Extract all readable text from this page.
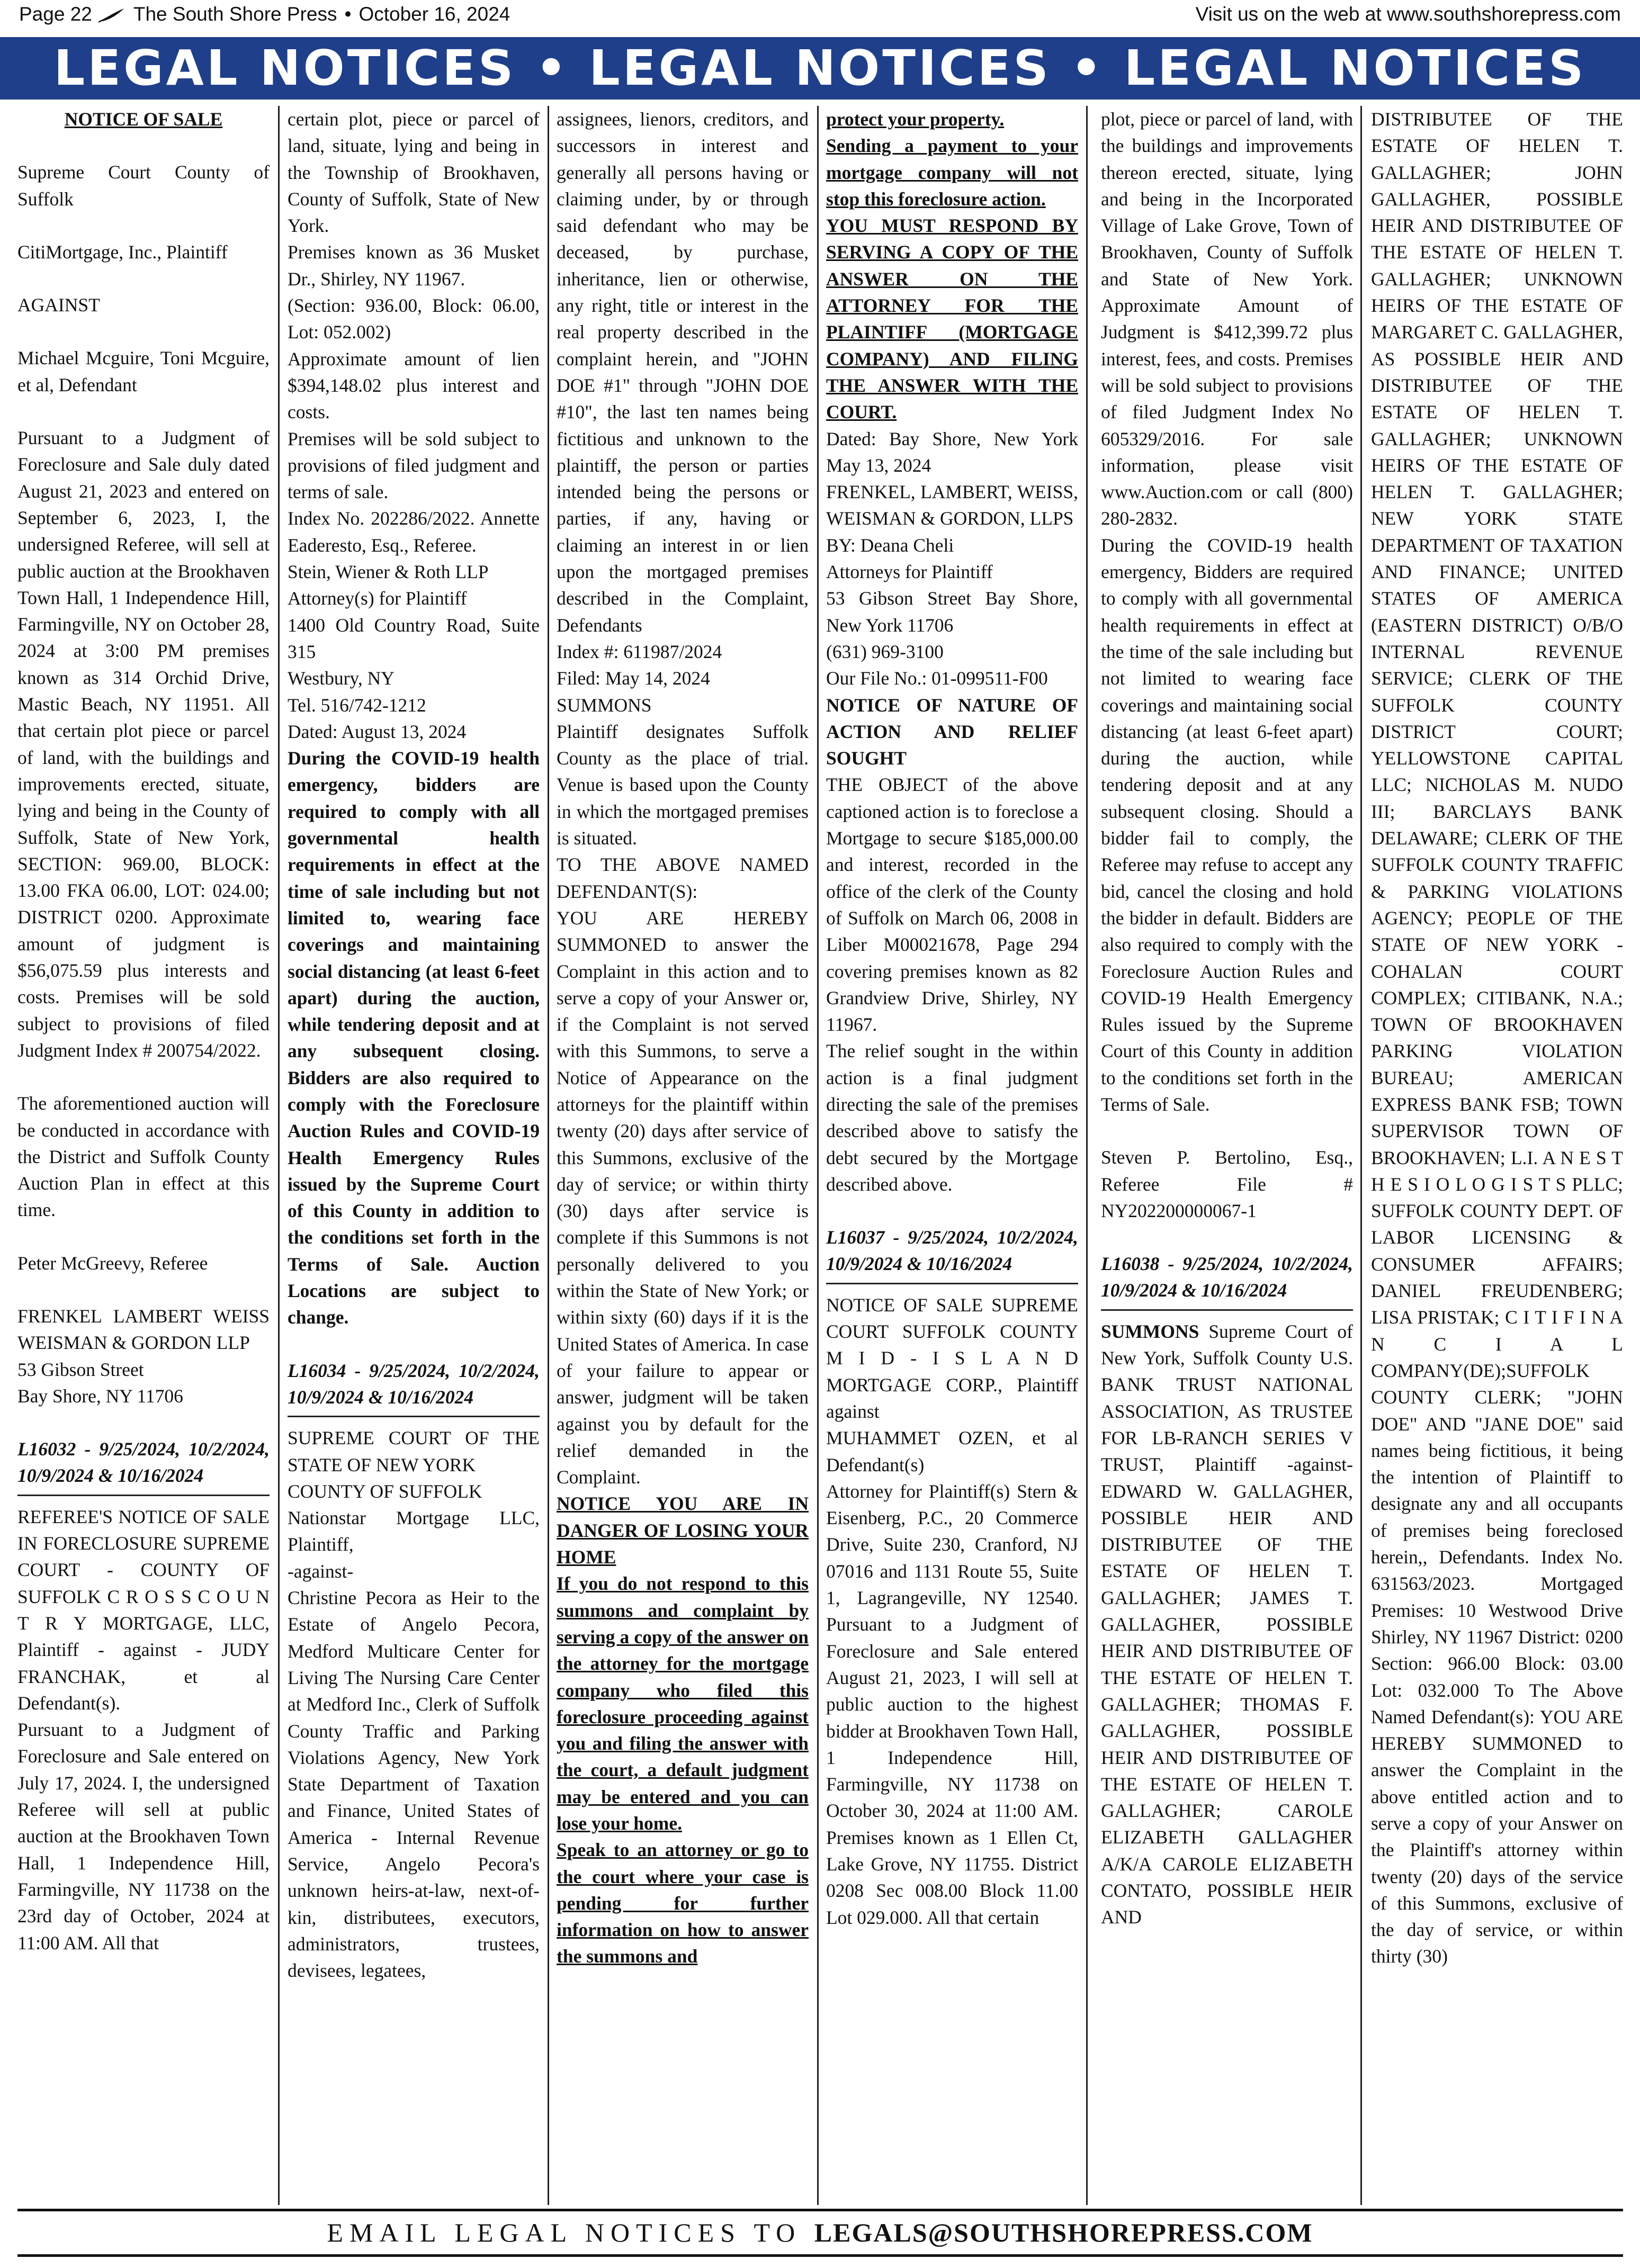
Page 22 The South Shore Press • October 16, 2024	Visit us on the web at www.southshorepress.com
LEGAL NOTICES • LEGAL NOTICES • LEGAL NOTICES

NOTICE OF SALE

Supreme Court County of Suffolk

CitiMortgage, Inc., Plaintiff

AGAINST

Michael Mcguire, Toni Mcguire, et al, Defendant

Pursuant to a Judgment of Foreclosure and Sale duly dated August 21, 2023 and entered on September 6, 2023, I, the undersigned Referee, will sell at public auction at the Brookhaven Town Hall, 1 Independence Hill, Farmingville, NY on October 28, 2024 at 3:00 PM premises known as 314 Orchid Drive, Mastic Beach, NY 11951. All that certain plot piece or parcel of land, with the buildings and improvements erected, situate, lying and being in the County of Suffolk, State of New York, SECTION: 969.00, BLOCK: 13.00 FKA 06.00, LOT: 024.00; DISTRICT 0200. Approximate amount of judgment is $56,075.59 plus interests and costs. Premises will be sold subject to provisions of filed Judgment Index # 200754/2022.

The aforementioned auction will be conducted in accordance with the District and Suffolk County Auction Plan in effect at this time.

Peter McGreevy, Referee

FRENKEL LAMBERT WEISS WEISMAN & GORDON LLP

53 Gibson Street

Bay Shore, NY 11706

L16032 - 9/25/2024, 10/2/2024, 10/9/2024 & 10/16/2024

REFEREE'S NOTICE OF SALE IN FORECLOSURE SUPREME COURT - COUNTY OF SUFFOLK C R O S S C O U N T R Y MORTGAGE, LLC, Plaintiff - against - JUDY FRANCHAK, et al Defendant(s).

Pursuant to a Judgment of Foreclosure and Sale entered on July 17, 2024. I, the undersigned Referee will sell at public auction at the Brookhaven Town Hall, 1 Independence Hill, Farmingville, NY 11738 on the 23rd day of October, 2024 at 11:00 AM. All that

certain plot, piece or parcel of land, situate, lying and being in the Township of Brookhaven, County of Suffolk, State of New York.

Premises known as 36 Musket Dr., Shirley, NY 11967.

(Section: 936.00, Block: 06.00, Lot: 052.002)

Approximate amount of lien $394,148.02 plus interest and costs.

Premises will be sold subject to provisions of filed judgment and terms of sale.

Index No. 202286/2022. Annette Eaderesto, Esq., Referee.

Stein, Wiener & Roth LLP

Attorney(s) for Plaintiff

1400 Old Country Road, Suite 315

Westbury, NY

Tel. 516/742-1212

Dated: August 13, 2024

During the COVID-19 health emergency, bidders are required to comply with all governmental health requirements in effect at the time of sale including but not limited to, wearing face coverings and maintaining social distancing (at least 6-feet apart) during the auction, while tendering deposit and at any subsequent closing. Bidders are also required to comply with the Foreclosure Auction Rules and COVID-19 Health Emergency Rules issued by the Supreme Court of this County in addition to the conditions set forth in the Terms of Sale. Auction Locations are subject to change.

L16034 - 9/25/2024, 10/2/2024, 10/9/2024 & 10/16/2024

SUPREME COURT OF THE STATE OF NEW YORK

COUNTY OF SUFFOLK

Nationstar Mortgage LLC, Plaintiff,

-against-

Christine Pecora as Heir to the Estate of Angelo Pecora, Medford Multicare Center for Living The Nursing Care Center at Medford Inc., Clerk of Suffolk County Traffic and Parking Violations Agency, New York State Department of Taxation and Finance, United States of America - Internal Revenue Service, Angelo Pecora's unknown heirs-at-law, next-of-kin, distributees, executors, administrators, trustees, devisees, legatees,

assignees, lienors, creditors, and successors in interest and generally all persons having or claiming under, by or through said defendant who may be deceased, by purchase, inheritance, lien or otherwise, any right, title or interest in the real property described in the complaint herein, and "JOHN DOE #1" through "JOHN DOE #10", the last ten names being fictitious and unknown to the plaintiff, the person or parties intended being the persons or parties, if any, having or claiming an interest in or lien upon the mortgaged premises described in the Complaint, Defendants

Index #: 611987/2024

Filed: May 14, 2024

SUMMONS

Plaintiff designates Suffolk County as the place of trial. Venue is based upon the County in which the mortgaged premises is situated.

TO THE ABOVE NAMED DEFENDANT(S):

YOU ARE HEREBY SUMMONED to answer the Complaint in this action and to serve a copy of your Answer or, if the Complaint is not served with this Summons, to serve a Notice of Appearance on the attorneys for the plaintiff within twenty (20) days after service of this Summons, exclusive of the day of service; or within thirty (30) days after service is complete if this Summons is not personally delivered to you within the State of New York; or within sixty (60) days if it is the United States of America. In case of your failure to appear or answer, judgment will be taken against you by default for the relief demanded in the Complaint.

NOTICE YOU ARE IN DANGER OF LOSING YOUR HOME

If you do not respond to this summons and complaint by serving a copy of the answer on the attorney for the mortgage company who filed this foreclosure proceeding against you and filing the answer with the court, a default judgment may be entered and you can lose your home.

Speak to an attorney or go to the court where your case is pending for further information on how to answer the summons and

protect your property.

Sending a payment to your mortgage company will not stop this foreclosure action.

YOU MUST RESPOND BY SERVING A COPY OF THE ANSWER ON THE ATTORNEY FOR THE PLAINTIFF (MORTGAGE COMPANY) AND FILING THE ANSWER WITH THE COURT.

Dated: Bay Shore, New York May 13, 2024

FRENKEL, LAMBERT, WEISS, WEISMAN & GORDON, LLPS

BY: Deana Cheli

Attorneys for Plaintiff

53 Gibson Street Bay Shore, New York 11706

(631) 969-3100

Our File No.: 01-099511-F00

NOTICE OF NATURE OF ACTION AND RELIEF SOUGHT

THE OBJECT of the above captioned action is to foreclose a Mortgage to secure $185,000.00 and interest, recorded in the office of the clerk of the County of Suffolk on March 06, 2008 in Liber M00021678, Page 294 covering premises known as 82 Grandview Drive, Shirley, NY 11967.

The relief sought in the within action is a final judgment directing the sale of the premises described above to satisfy the debt secured by the Mortgage described above.

L16037 - 9/25/2024, 10/2/2024, 10/9/2024 & 10/16/2024

NOTICE OF SALE SUPREME COURT SUFFOLK COUNTY M I D - I S L A N D MORTGAGE CORP., Plaintiff against

MUHAMMET OZEN, et al Defendant(s)

Attorney for Plaintiff(s) Stern & Eisenberg, P.C., 20 Commerce Drive, Suite 230, Cranford, NJ 07016 and 1131 Route 55, Suite 1, Lagrangeville, NY 12540. Pursuant to a Judgment of Foreclosure and Sale entered August 21, 2023, I will sell at public auction to the highest bidder at Brookhaven Town Hall, 1 Independence Hill, Farmingville, NY 11738 on October 30, 2024 at 11:00 AM. Premises known as 1 Ellen Ct, Lake Grove, NY 11755. District 0208 Sec 008.00 Block 11.00 Lot 029.000. All that certain

plot, piece or parcel of land, with the buildings and improvements thereon erected, situate, lying and being in the Incorporated Village of Lake Grove, Town of Brookhaven, County of Suffolk and State of New York. Approximate Amount of Judgment is $412,399.72 plus interest, fees, and costs. Premises will be sold subject to provisions of filed Judgment Index No 605329/2016. For sale information, please visit www.Auction.com or call (800) 280-2832.

During the COVID-19 health emergency, Bidders are required to comply with all governmental health requirements in effect at the time of the sale including but not limited to wearing face coverings and maintaining social distancing (at least 6-feet apart) during the auction, while tendering deposit and at any subsequent closing. Should a bidder fail to comply, the Referee may refuse to accept any bid, cancel the closing and hold the bidder in default. Bidders are also required to comply with the Foreclosure Auction Rules and COVID-19 Health Emergency Rules issued by the Supreme Court of this County in addition to the conditions set forth in the Terms of Sale.

Steven P. Bertolino, Esq., Referee File # NY202200000067-1

L16038 - 9/25/2024, 10/2/2024, 10/9/2024 & 10/16/2024

SUMMONS Supreme Court of New York, Suffolk County U.S. BANK TRUST NATIONAL ASSOCIATION, AS TRUSTEE FOR LB-RANCH SERIES V TRUST, Plaintiff -against- EDWARD W. GALLAGHER, POSSIBLE HEIR AND DISTRIBUTEE OF THE ESTATE OF HELEN T. GALLAGHER; JAMES T. GALLAGHER, POSSIBLE HEIR AND DISTRIBUTEE OF THE ESTATE OF HELEN T. GALLAGHER; THOMAS F. GALLAGHER, POSSIBLE HEIR AND DISTRIBUTEE OF THE ESTATE OF HELEN T. GALLAGHER; CAROLE ELIZABETH GALLAGHER A/K/A CAROLE ELIZABETH CONTATO, POSSIBLE HEIR AND

DISTRIBUTEE OF THE ESTATE OF HELEN T. GALLAGHER; JOHN GALLAGHER, POSSIBLE HEIR AND DISTRIBUTEE OF THE ESTATE OF HELEN T. GALLAGHER; UNKNOWN HEIRS OF THE ESTATE OF MARGARET C. GALLAGHER, AS POSSIBLE HEIR AND DISTRIBUTEE OF THE ESTATE OF HELEN T. GALLAGHER; UNKNOWN HEIRS OF THE ESTATE OF HELEN T. GALLAGHER; NEW YORK STATE DEPARTMENT OF TAXATION AND FINANCE; UNITED STATES OF AMERICA (EASTERN DISTRICT) O/B/O INTERNAL REVENUE SERVICE; CLERK OF THE SUFFOLK COUNTY DISTRICT COURT; YELLOWSTONE CAPITAL LLC; NICHOLAS M. NUDO III; BARCLAYS BANK DELAWARE; CLERK OF THE SUFFOLK COUNTY TRAFFIC & PARKING VIOLATIONS AGENCY; PEOPLE OF THE STATE OF NEW YORK - COHALAN COURT COMPLEX; CITIBANK, N.A.; TOWN OF BROOKHAVEN PARKING VIOLATION BUREAU; AMERICAN EXPRESS BANK FSB; TOWN SUPERVISOR TOWN OF BROOKHAVEN; L.I. A N E S T H E S I O L O G I S T S PLLC; SUFFOLK COUNTY DEPT. OF LABOR LICENSING & CONSUMER AFFAIRS; DANIEL FREUDENBERG; LISA PRISTAK; C I T I F I N A N C I A L COMPANY(DE);SUFFOLK COUNTY CLERK; "JOHN DOE" AND "JANE DOE" said names being fictitious, it being the intention of Plaintiff to designate any and all occupants of premises being foreclosed herein,, Defendants. Index No. 631563/2023. Mortgaged Premises: 10 Westwood Drive Shirley, NY 11967 District: 0200 Section: 966.00 Block: 03.00 Lot: 032.000 To The Above Named Defendant(s): YOU ARE HEREBY SUMMONED to answer the Complaint in the above entitled action and to serve a copy of your Answer on the Plaintiff's attorney within twenty (20) days of the service of this Summons, exclusive of the day of service, or within thirty (30)

EMAIL LEGAL NOTICES TO LEGALS@SOUTHSHOREPRESS.COM
